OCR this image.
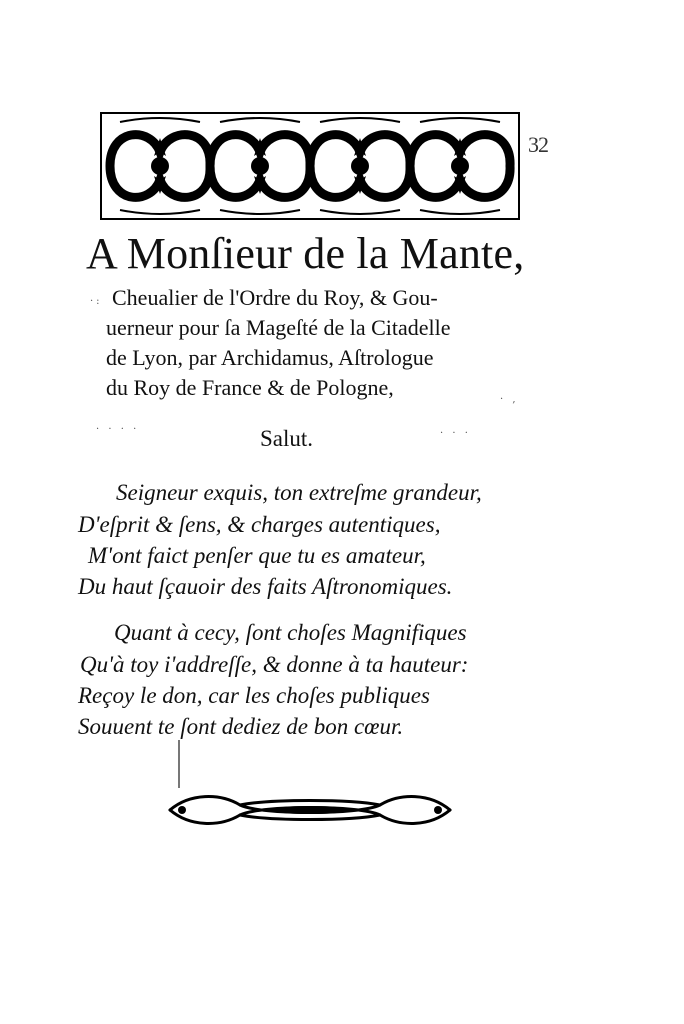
32
A Monſieur de la Mante,
Cheualier de l'Ordre du Roy, & Gou-
uerneur pour ſa Mageſté de la Citadelle
de Lyon, par Archidamus, Aſtrologue
du Roy de France & de Pologne,
Salut.
Seigneur exquis, ton extreſme grandeur,
D'eſprit & ſens, & charges autentiques,
M'ont faict penſer que tu es amateur,
Du haut ſçauoir des faits Aſtronomiques.
Quant à cecy, ſont choſes Magnifiques
Qu'à toy i'addreſſe, & donne à ta hauteur:
Reçoy le don, car les choſes publiques
Souuent te ſont dediez de bon cœur.
·:
· · · ·	· · ·
· ,
